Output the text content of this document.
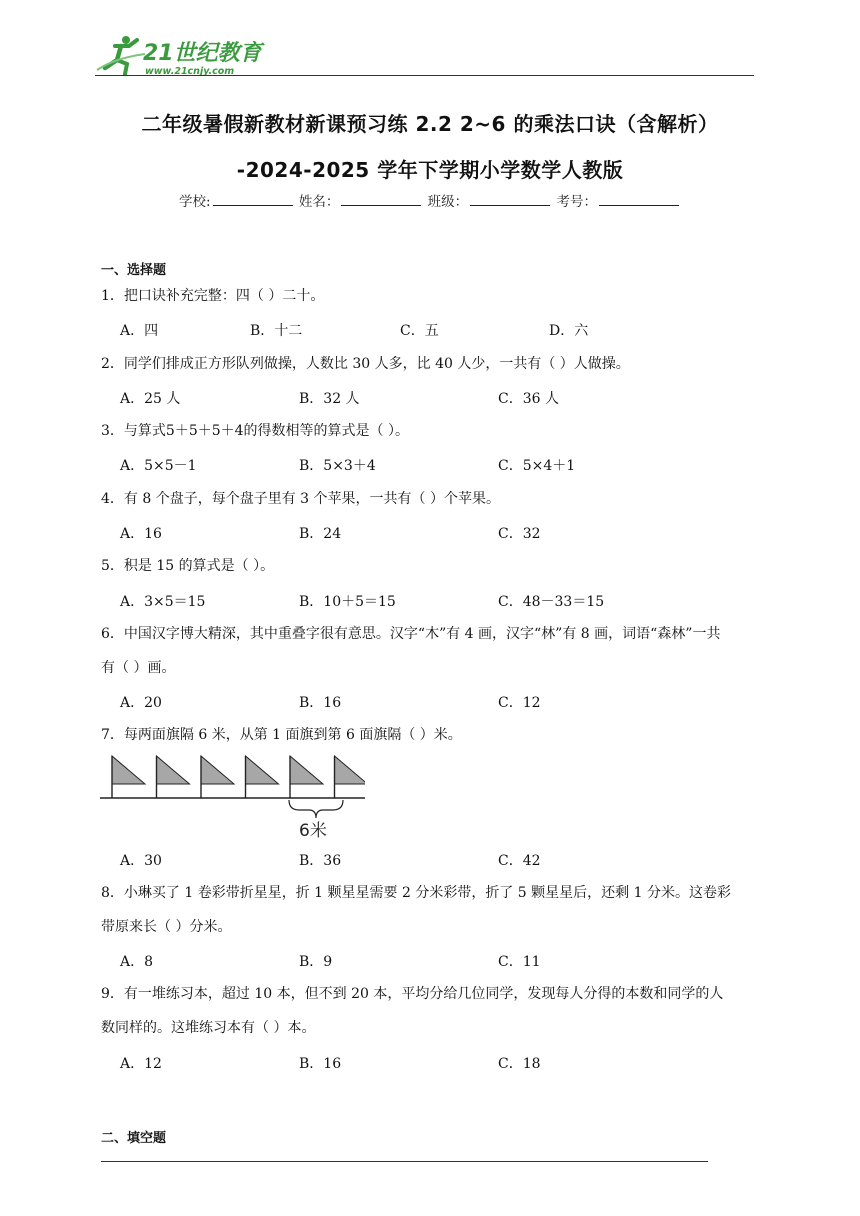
21世纪教育
www.21cnjy.com
二年级暑假新教材新课预习练 2.2 2~6 的乘法口诀（含解析）
-2024-2025 学年下学期小学数学人教版
学校:	姓名：	班级：	考号：
一、选择题
1．把口诀补充完整：四（ ）二十。
A．四	B．十二	C．五	D．六
2．同学们排成正方形队列做操，人数比 30 人多，比 40 人少，一共有（ ）人做操。
A．25 人	B．32 人	C．36 人
3．与算式5＋5＋5＋4的得数相等的算式是（ ）。
A．5×5－1	B．5×3＋4	C．5×4＋1
4．有 8 个盘子，每个盘子里有 3 个苹果，一共有（ ）个苹果。
A．16	B．24	C．32
5．积是 15 的算式是（ ）。
A．3×5＝15	B．10＋5＝15	C．48－33＝15
6．中国汉字博大精深，其中重叠字很有意思。汉字“木”有 4 画，汉字“林”有 8 画，词语“森林”一共
有（ ）画。
A．20	B．16	C．12
7．每两面旗隔 6 米，从第 1 面旗到第 6 面旗隔（ ）米。
6米
A．30	B．36	C．42
8．小琳买了 1 卷彩带折星星，折 1 颗星星需要 2 分米彩带，折了 5 颗星星后，还剩 1 分米。这卷彩
带原来长（ ）分米。
A．8	B．9	C．11
9．有一堆练习本，超过 10 本，但不到 20 本，平均分给几位同学，发现每人分得的本数和同学的人
数同样的。这堆练习本有（ ）本。
A．12	B．16	C．18
二、填空题
